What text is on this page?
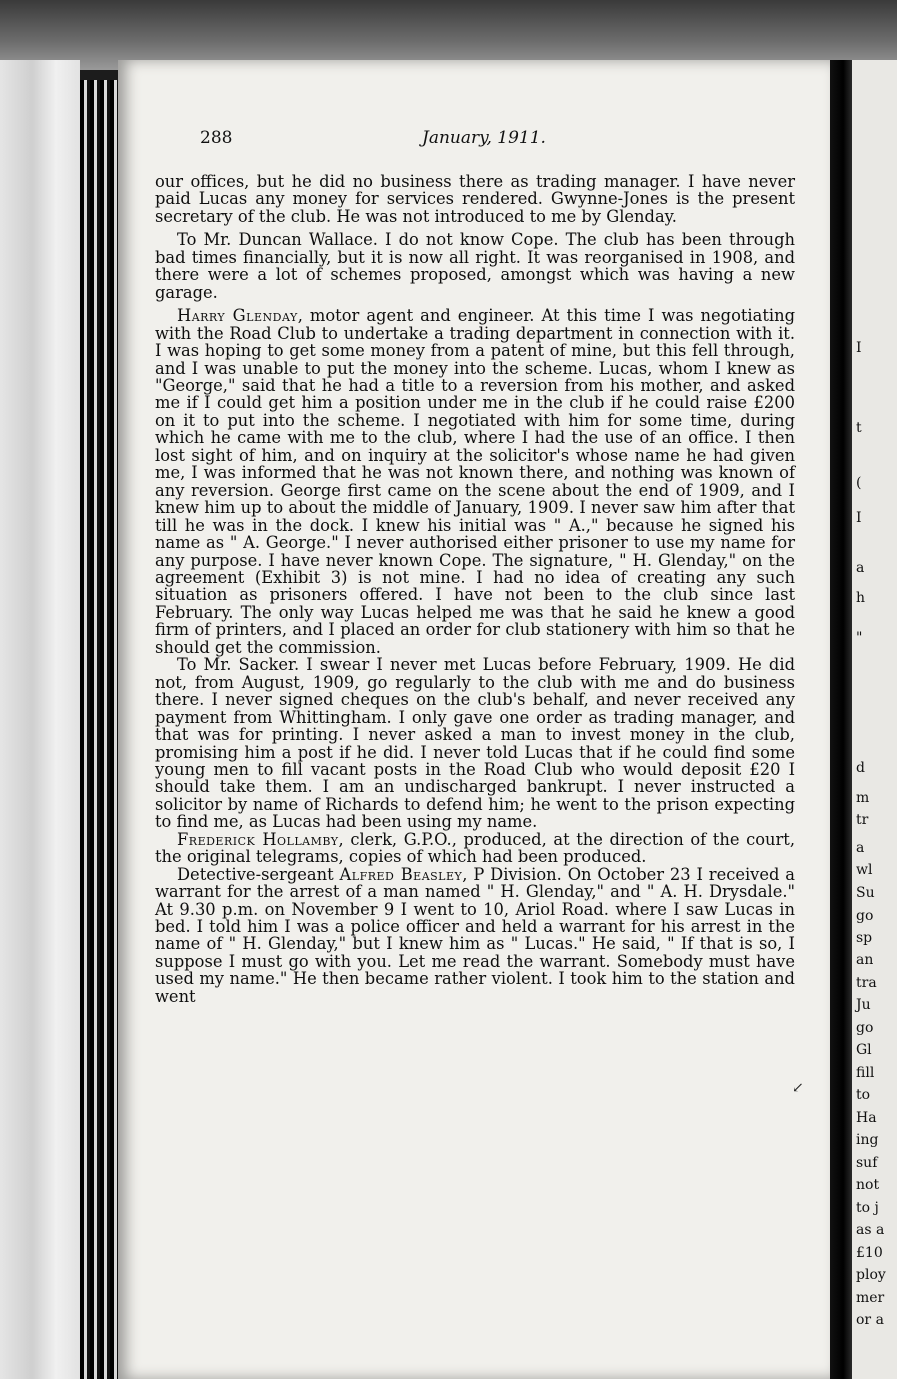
I
t
(
I
a
h
"
d
m
tr
a
wl
Su
go
sp
an
tra
Ju
go
Gl
fill
to
Ha
ing
suf
not
to j
as a
£10
ploy
mer
or a
288	January, 1911.

our offices, but he did no business there as trading manager. I have never paid Lucas any money for services rendered. Gwynne-Jones is the present secretary of the club. He was not introduced to me by Glenday.

To Mr. Duncan Wallace. I do not know Cope. The club has been through bad times financially, but it is now all right. It was reorganised in 1908, and there were a lot of schemes proposed, amongst which was having a new garage.

Harry Glenday, motor agent and engineer. At this time I was negotiating with the Road Club to undertake a trading department in connection with it. I was hoping to get some money from a patent of mine, but this fell through, and I was unable to put the money into the scheme. Lucas, whom I knew as "George," said that he had a title to a reversion from his mother, and asked me if I could get him a position under me in the club if he could raise £200 on it to put into the scheme. I negotiated with him for some time, during which he came with me to the club, where I had the use of an office. I then lost sight of him, and on inquiry at the solicitor's whose name he had given me, I was informed that he was not known there, and nothing was known of any reversion. George first came on the scene about the end of 1909, and I knew him up to about the middle of January, 1909. I never saw him after that till he was in the dock. I knew his initial was " A.," because he signed his name as " A. George." I never authorised either prisoner to use my name for any purpose. I have never known Cope. The signature, " H. Glenday," on the agreement (Exhibit 3) is not mine. I had no idea of creating any such situation as prisoners offered. I have not been to the club since last February. The only way Lucas helped me was that he said he knew a good firm of printers, and I placed an order for club stationery with him so that he should get the commission.

To Mr. Sacker. I swear I never met Lucas before February, 1909. He did not, from August, 1909, go regularly to the club with me and do business there. I never signed cheques on the club's behalf, and never received any payment from Whittingham. I only gave one order as trading manager, and that was for printing. I never asked a man to invest money in the club, promising him a post if he did. I never told Lucas that if he could find some young men to fill vacant posts in the Road Club who would deposit £20 I should take them. I am an undischarged bankrupt. I never instructed a solicitor by name of Richards to defend him; he went to the prison expecting to find me, as Lucas had been using my name.

Frederick Hollamby, clerk, G.P.O., produced, at the direction of the court, the original telegrams, copies of which had been produced.

Detective-sergeant Alfred Beasley, P Division. On October 23 I received a warrant for the arrest of a man named " H. Glenday," and " A. H. Drysdale." At 9.30 p.m. on November 9 I went to 10, Ariol Road. where I saw Lucas in bed. I told him I was a police officer and held a warrant for his arrest in the name of " H. Glenday," but I knew him as " Lucas." He said, " If that is so, I suppose I must go with you. Let me read the warrant. Somebody must have used my name." He then became rather violent. I took him to the station and went

↙
